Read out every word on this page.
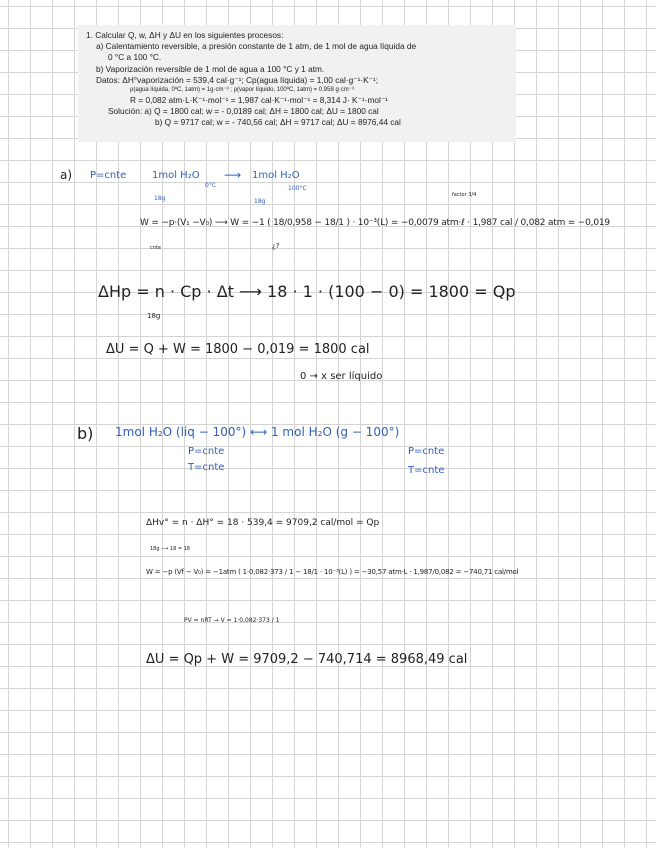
1. Calcular Q, w, ΔH y ΔU en los siguientes procesos:
a) Calentamiento reversible, a presión constante de 1 atm, de 1 mol de agua líquida de
0 °C a 100 °C.
b) Vaporización reversible de 1 mol de agua a 100 °C y 1 atm.
Datos: ΔH°vaporización = 539,4 cal·g⁻¹; Cp(agua líquida) = 1,00 cal·g⁻¹·K⁻¹;
ρ(agua líquida, 0ºC, 1atm) = 1g·cm⁻³ ; ρ(vapor líquido, 100ºC, 1atm) = 0,958 g·cm⁻³
R = 0,082 atm·L·K⁻¹·mol⁻¹ = 1,987 cal·K⁻¹·mol⁻¹ = 8,314 J· K⁻¹·mol⁻¹
Solución: a) Q = 1800 cal; w = - 0,0189 cal; ΔH = 1800 cal; ΔU = 1800 cal
b) Q = 9717 cal; w = - 740,56 cal; ΔH = 9717 cal; ΔU = 8976,44 cal
a) P=cnte	1mol H₂O
0°C
⟶ 1mol H₂O
100°C
18g	18g
factor 3/4
W = −p·(V₁ −V₀) ⟶ W = −1 ( 18/0,958 − 18/1 ) · 10⁻³(L) = −0,0079 atm·ℓ · 1,987 cal / 0,082 atm = −0,019
cnte	¿?
ΔHp = n · Cp · Δt ⟶ 18 · 1 · (100 − 0) = 1800 = Qp
18g
ΔU = Q + W = 1800 − 0,019 = 1800 cal
0 → x ser líquido
b) 1mol H₂O (liq − 100°) ⟷ 1 mol H₂O (g − 100°)
P=cnte
T=cnte
P=cnte
T=cnte
ΔHv° = n · ΔH° = 18 · 539,4 = 9709,2 cal/mol = Qp
18g ⟶ 18 = 18
W = −p (Vf − V₀) = −1atm ( 1·0,082·373 / 1 − 18/1 · 10⁻³(L) ) = −30,57 atm·L · 1,987/0,082 = −740,71 cal/mol
PV = nRT → V = 1·0,082·373 / 1
ΔU = Qp + W = 9709,2 − 740,714 = 8968,49 cal
